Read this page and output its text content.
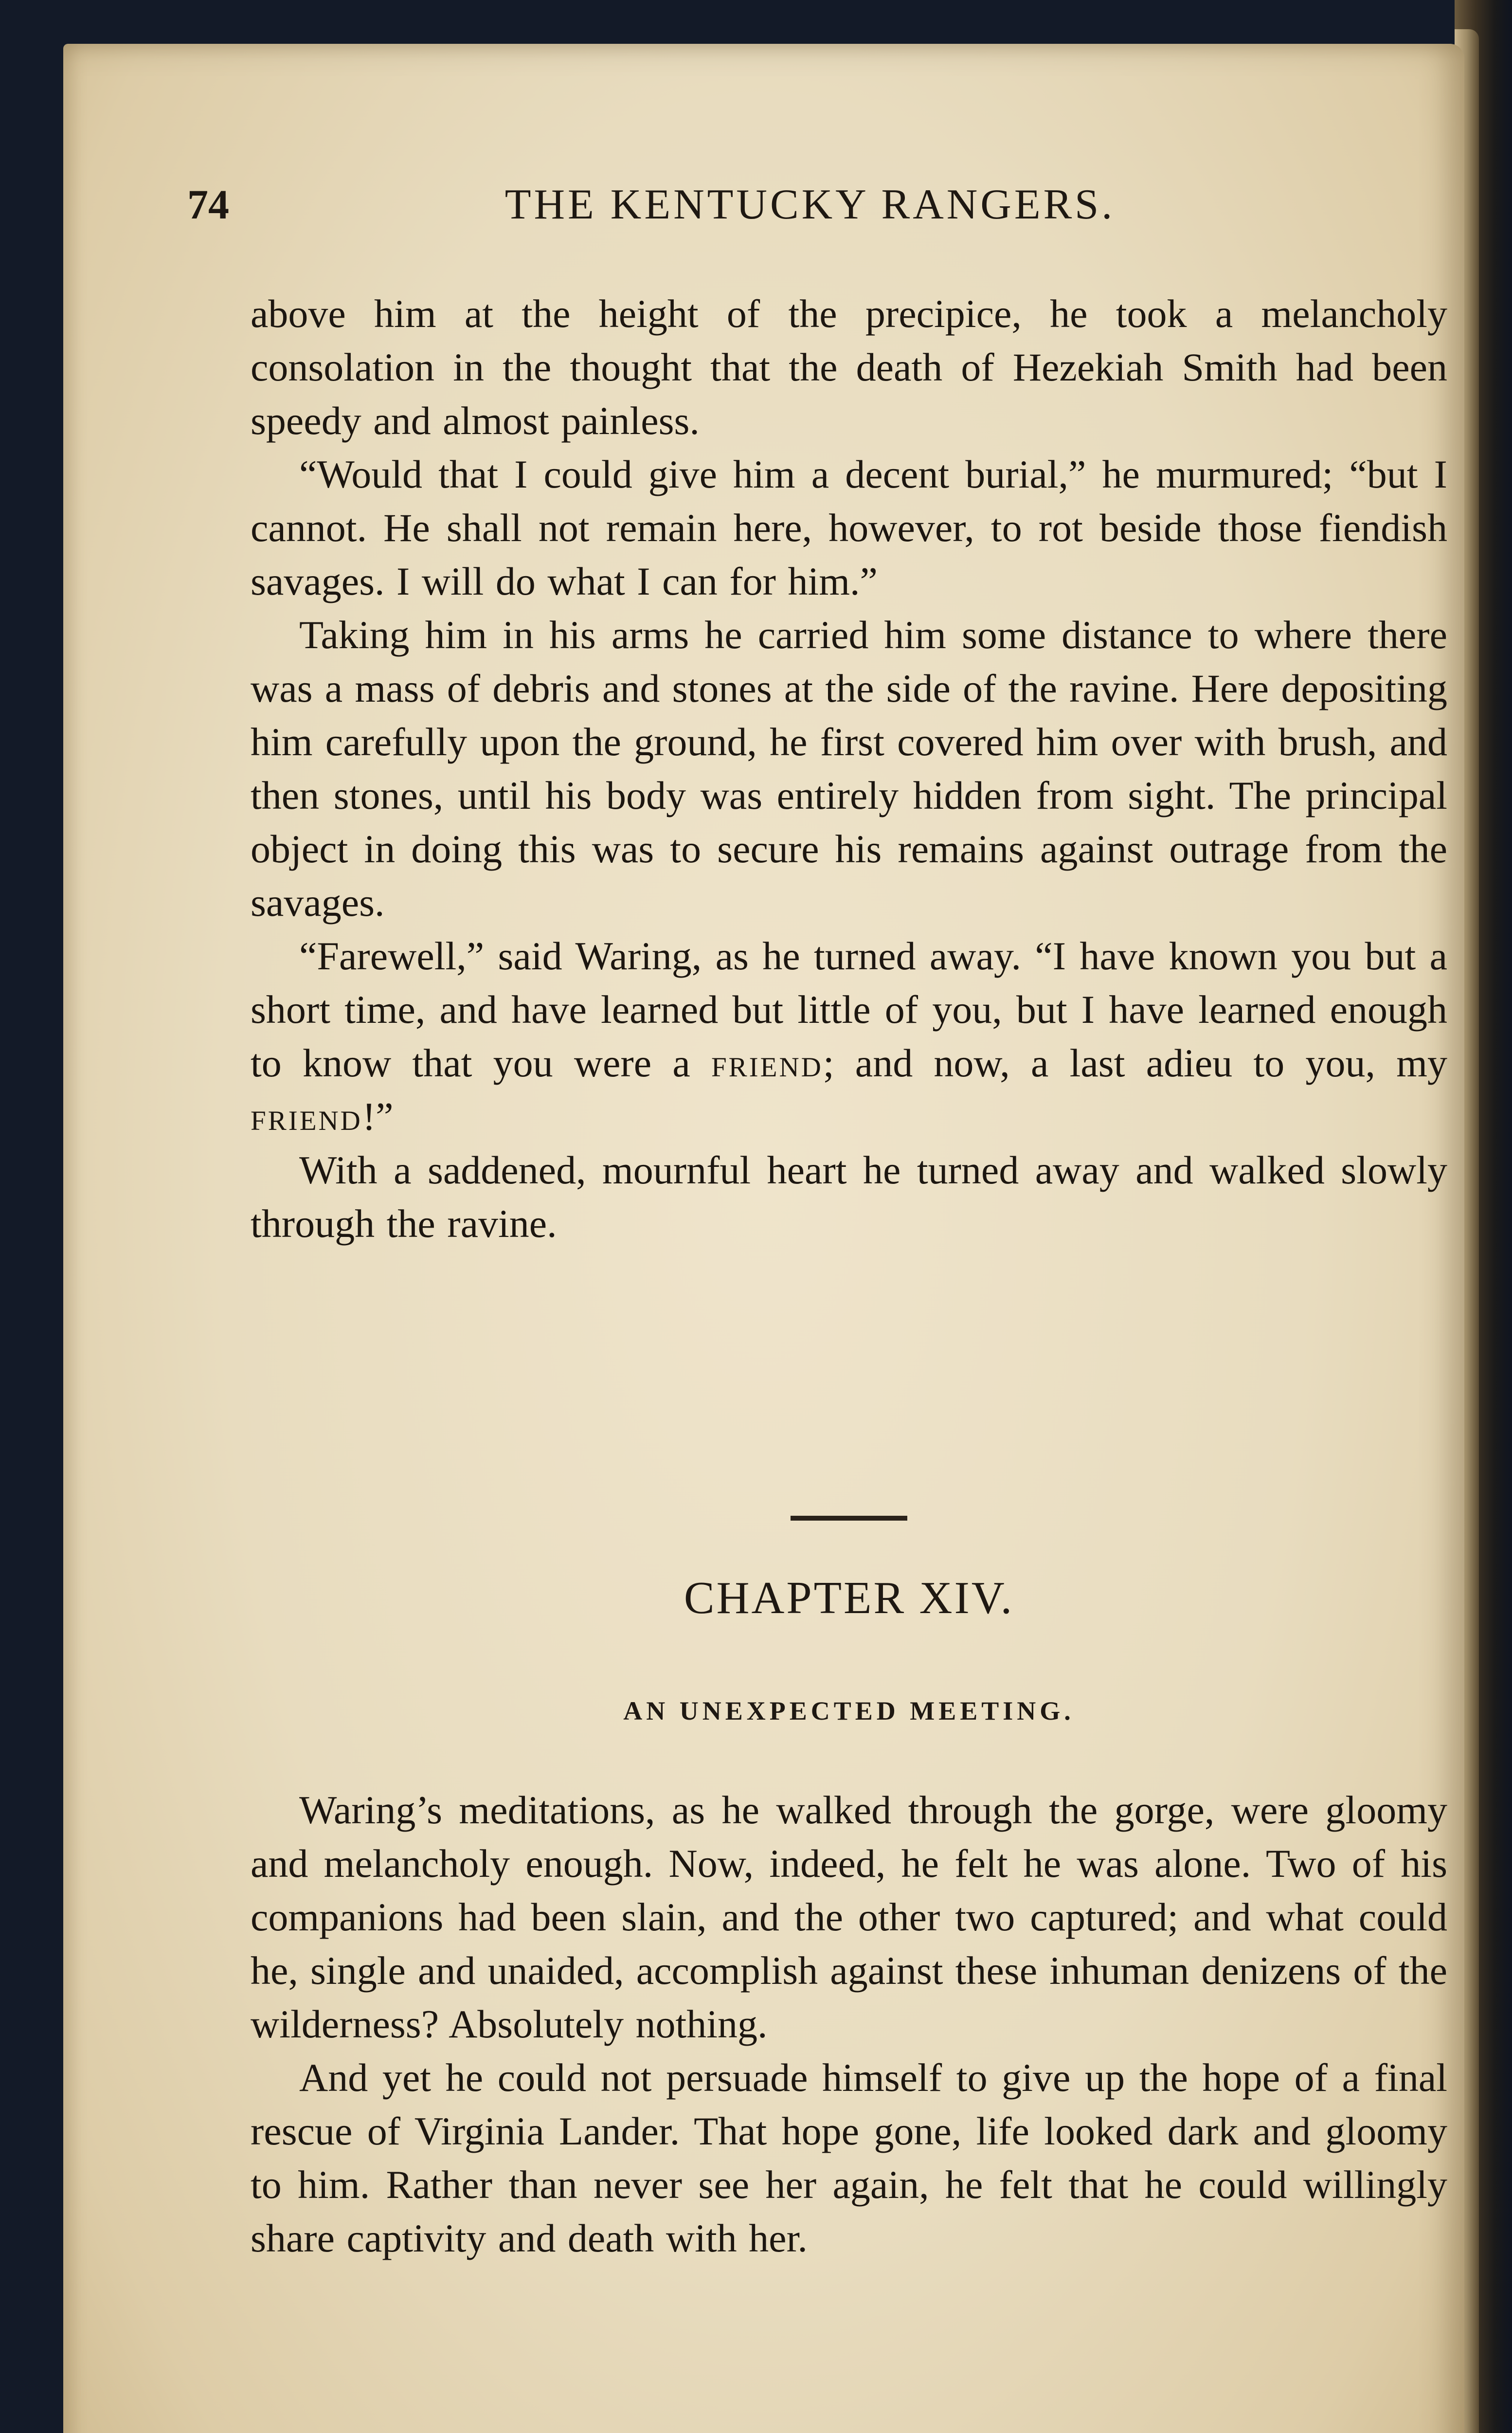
74	THE KENTUCKY RANGERS.

above him at the height of the precipice, he took a melancholy consolation in the thought that the death of Hezekiah Smith had been speedy and almost painless.

“Would that I could give him a decent burial,” he murmured; “but I cannot. He shall not remain here, however, to rot beside those fiendish savages. I will do what I can for him.”

Taking him in his arms he carried him some distance to where there was a mass of debris and stones at the side of the ravine. Here depositing him carefully upon the ground, he first covered him over with brush, and then stones, until his body was entirely hidden from sight. The principal object in doing this was to secure his remains against outrage from the savages.

“Farewell,” said Waring, as he turned away. “I have known you but a short time, and have learned but little of you, but I have learned enough to know that you were a friend; and now, a last adieu to you, my friend!”

With a saddened, mournful heart he turned away and walked slowly through the ravine.

CHAPTER XIV.
AN UNEXPECTED MEETING.

Waring’s meditations, as he walked through the gorge, were gloomy and melancholy enough. Now, indeed, he felt he was alone. Two of his companions had been slain, and the other two captured; and what could he, single and unaided, accomplish against these inhuman denizens of the wilderness? Absolutely nothing.

And yet he could not persuade himself to give up the hope of a final rescue of Virginia Lander. That hope gone, life looked dark and gloomy to him. Rather than never see her again, he felt that he could willingly share captivity and death with her.
